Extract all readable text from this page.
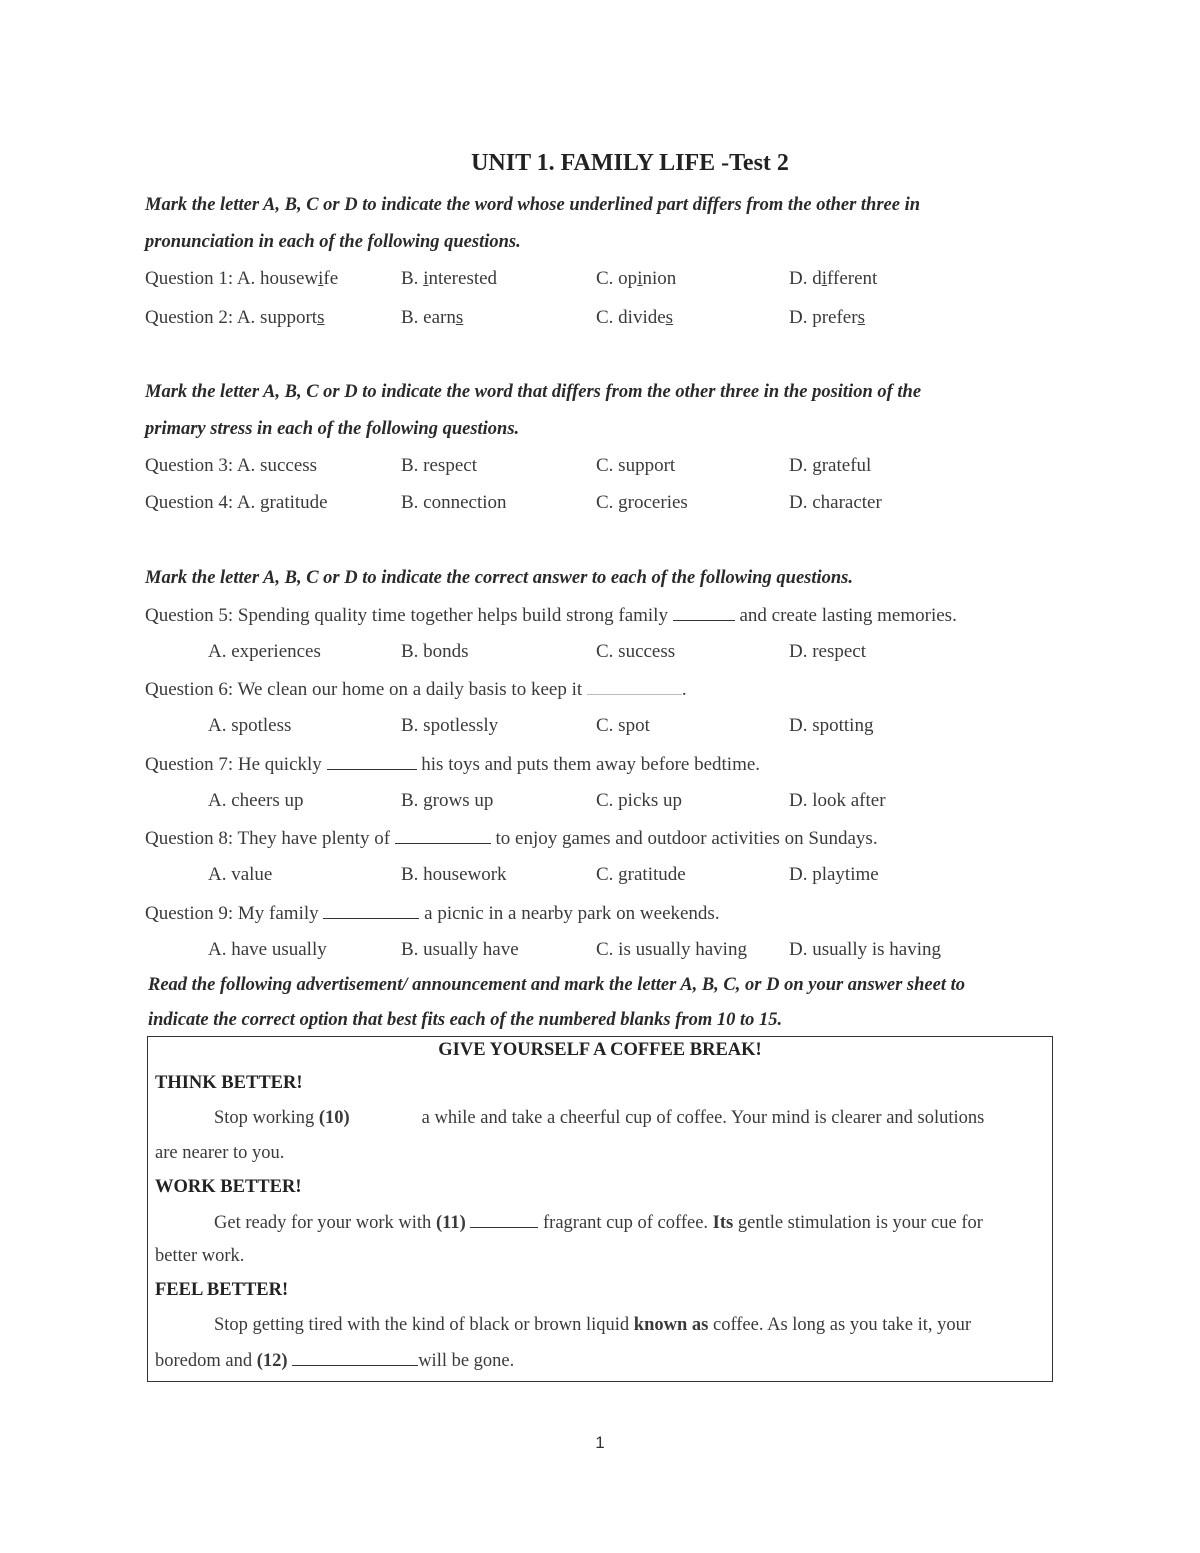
UNIT 1. FAMILY LIFE -Test 2
Mark the letter A, B, C or D to indicate the word whose underlined part differs from the other three in
pronunciation in each of the following questions.
Question 1: A. housewife	B. interested	C. opinion	D. different
Question 2: A. supports	B. earns	C. divides	D. prefers
Mark the letter A, B, C or D to indicate the word that differs from the other three in the position of the
primary stress in each of the following questions.
Question 3: A. success	B. respect	C. support	D. grateful
Question 4: A. gratitude	B. connection	C. groceries	D. character
Mark the letter A, B, C or D to indicate the correct answer to each of the following questions.
Question 5: Spending quality time together helps build strong family	and create lasting memories.
A. experiences	B. bonds	C. success	D. respect
Question 6: We clean our home on a daily basis to keep it	.
A. spotless	B. spotlessly	C. spot	D. spotting
Question 7: He quickly	his toys and puts them away before bedtime.
A. cheers up	B. grows up	C. picks up	D. look after
Question 8: They have plenty of	to enjoy games and outdoor activities on Sundays.
A. value	B. housework	C. gratitude	D. playtime
Question 9: My family	a picnic in a nearby park on weekends.
A. have usually	B. usually have	C. is usually having D. usually is having
Read the following advertisement/ announcement and mark the letter A, B, C, or D on your answer sheet to
indicate the correct option that best fits each of the numbered blanks from 10 to 15.
GIVE YOURSELF A COFFEE BREAK!
THINK BETTER!
Stop working (10)	a while and take a cheerful cup of coffee. Your mind is clearer and solutions
are nearer to you.
WORK BETTER!
Get ready for your work with (11)	fragrant cup of coffee. Its gentle stimulation is your cue for
better work.
FEEL BETTER!
Stop getting tired with the kind of black or brown liquid known as coffee. As long as you take it, your
boredom and (12)	will be gone.
1
